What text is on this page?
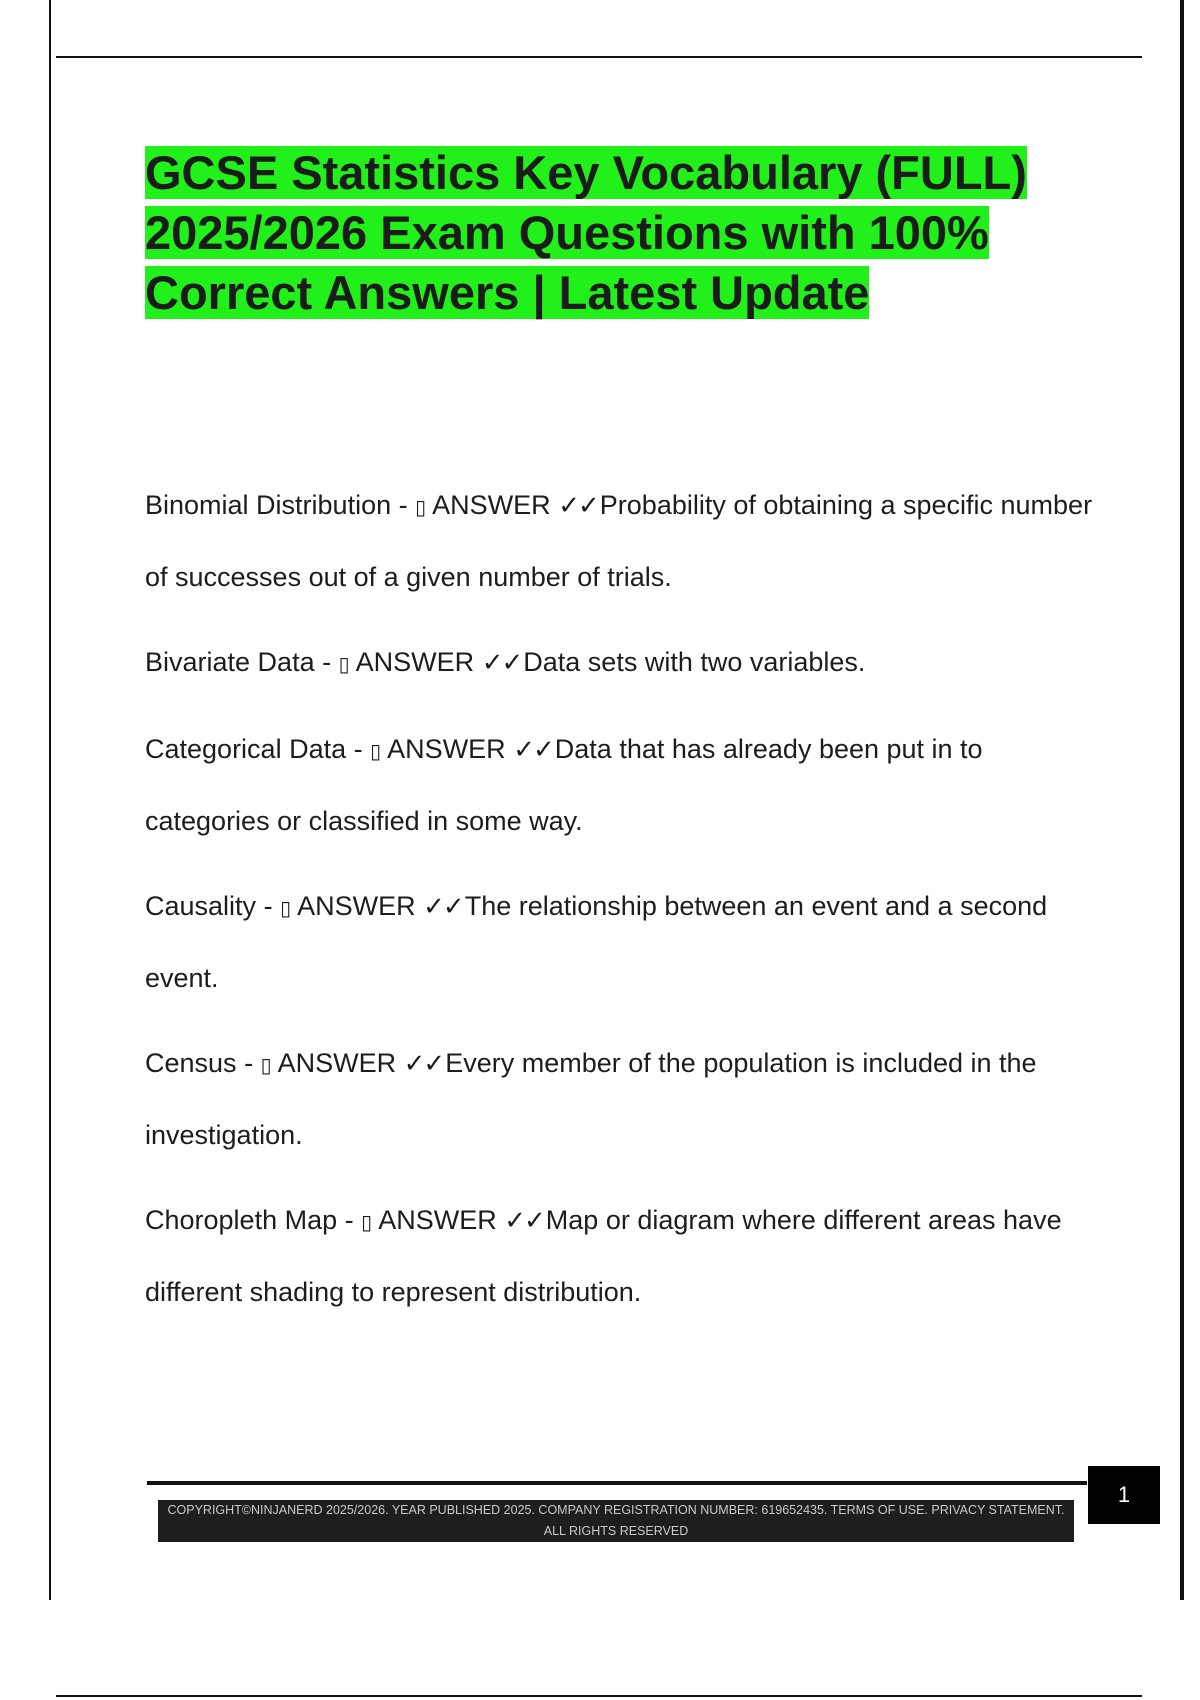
GCSE Statistics Key Vocabulary (FULL) 2025/2026 Exam Questions with 100% Correct Answers | Latest Update

Binomial Distribution - ▯ ANSWER ✓✓Probability of obtaining a specific number of successes out of a given number of trials.

Bivariate Data - ▯ ANSWER ✓✓Data sets with two variables.

Categorical Data - ▯ ANSWER ✓✓Data that has already been put in to categories or classified in some way.

Causality - ▯ ANSWER ✓✓The relationship between an event and a second event.

Census - ▯ ANSWER ✓✓Every member of the population is included in the investigation.

Choropleth Map - ▯ ANSWER ✓✓Map or diagram where different areas have different shading to represent distribution.

1
COPYRIGHT©NINJANERD 2025/2026. YEAR PUBLISHED 2025. COMPANY REGISTRATION NUMBER: 619652435. TERMS OF USE. PRIVACY STATEMENT. ALL RIGHTS RESERVED
